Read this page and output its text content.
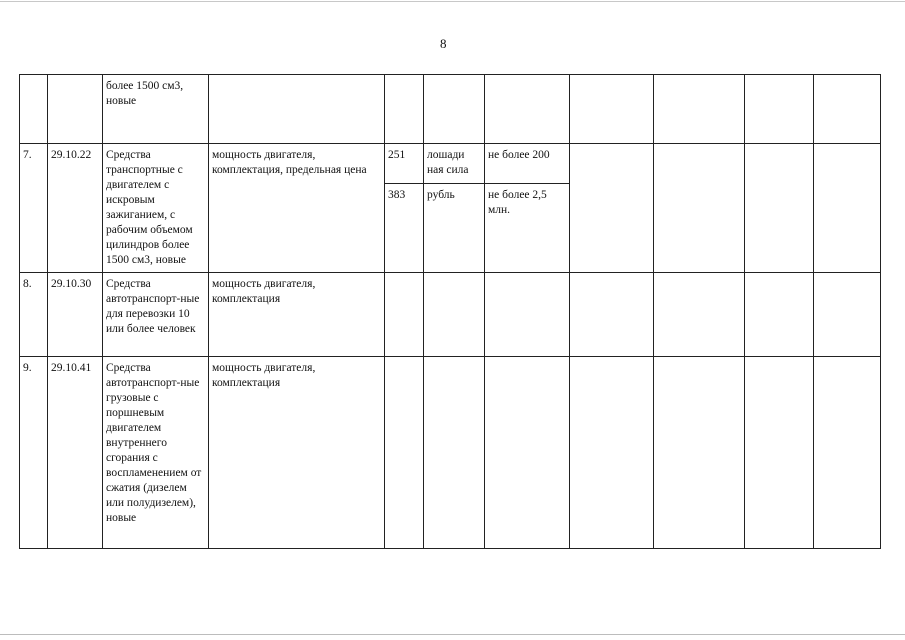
8
		более 1500 см3, новые								
7.	29.10.22	Средства транспортные с двигателем с искровым зажиганием, с рабочим объемом цилиндров более 1500 см3, новые	мощность двигателя, комплектация, предельная цена	251	лошади ная сила	не более 200				
				383	рубль	не более 2,5 млн.				
8.	29.10.30	Средства автотранспорт-ные для перевозки 10 или более человек	мощность двигателя, комплектация							
9.	29.10.41	Средства автотранспорт-ные грузовые с поршневым двигателем внутреннего сгорания с воспламенением от сжатия (дизелем или полудизелем), новые	мощность двигателя, комплектация							
